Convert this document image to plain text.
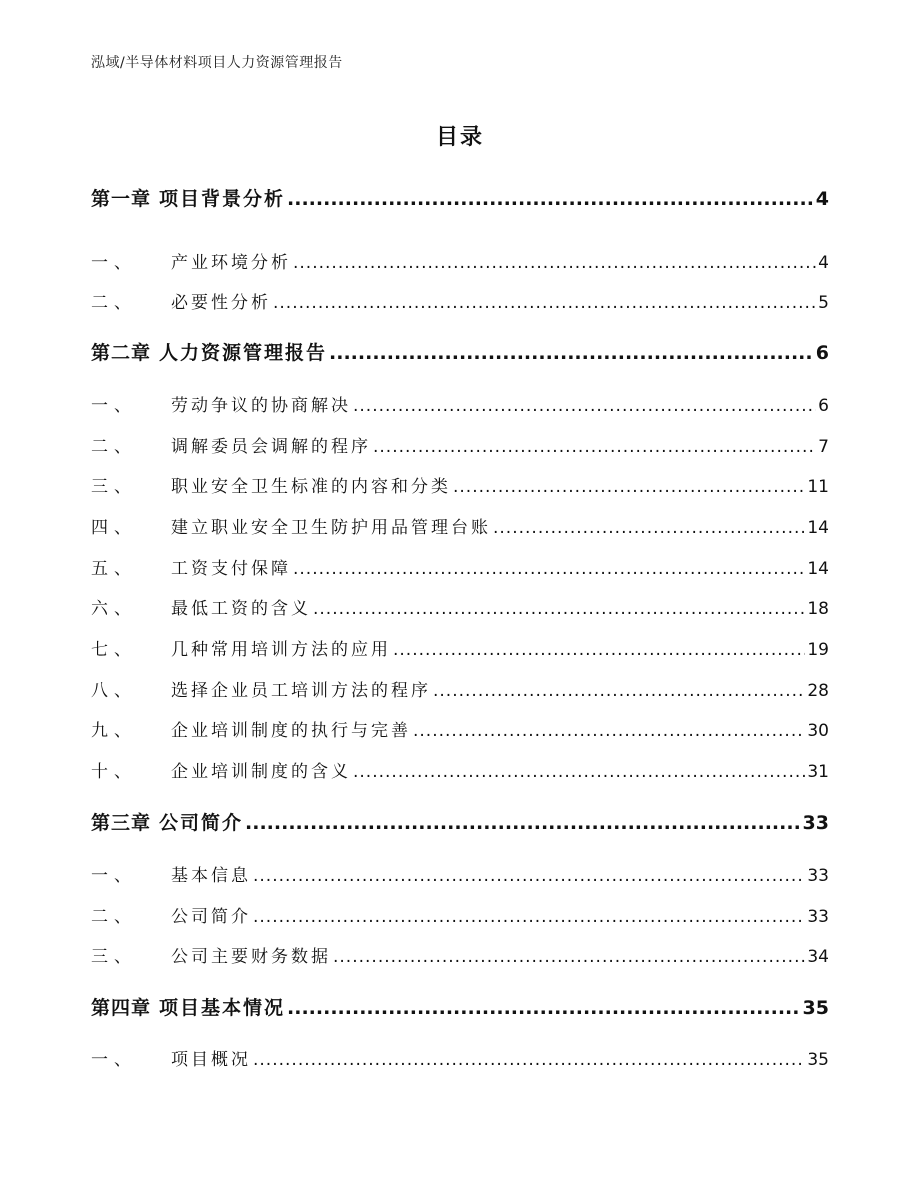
泓域/半导体材料项目人力资源管理报告
目录
第一章 项目背景分析 .....	4
一、	产业环境分析 .....	4
二、	必要性分析 .....	5
第二章 人力资源管理报告 .....	6
一、	劳动争议的协商解决 .....	6
二、	调解委员会调解的程序 .....	7
三、	职业安全卫生标准的内容和分类 .....	11
四、	建立职业安全卫生防护用品管理台账 .....	14
五、	工资支付保障 .....	14
六、	最低工资的含义 .....	18
七、	几种常用培训方法的应用 .....	19
八、	选择企业员工培训方法的程序 .....	28
九、	企业培训制度的执行与完善 .....	30
十、	企业培训制度的含义 .....	31
第三章 公司简介 .....	33
一、	基本信息 .....	33
二、	公司简介 .....	33
三、	公司主要财务数据 .....	34
第四章 项目基本情况 .....	35
一、	项目概况 .....	35
